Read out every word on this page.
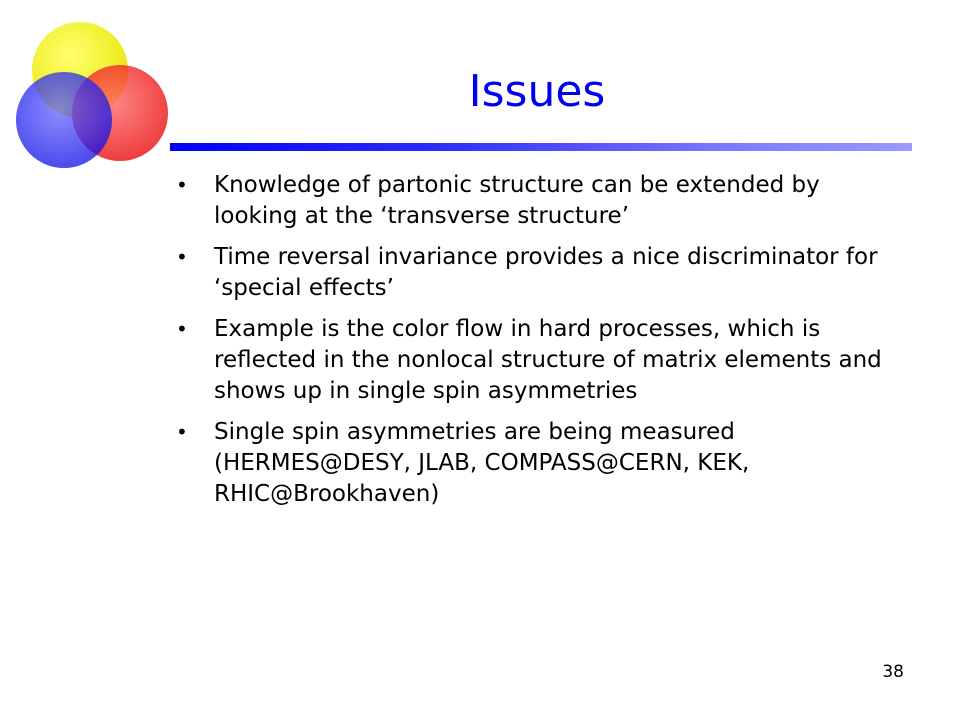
Issues
• Knowledge of partonic structure can be extended by looking at the ‘transverse structure’
• Time reversal invariance provides a nice discriminator for ‘special effects’
• Example is the color flow in hard processes, which is reflected in the nonlocal structure of matrix elements and shows up in single spin asymmetries
• Single spin asymmetries are being measured (HERMES@DESY, JLAB, COMPASS@CERN, KEK, RHIC@Brookhaven)
38
